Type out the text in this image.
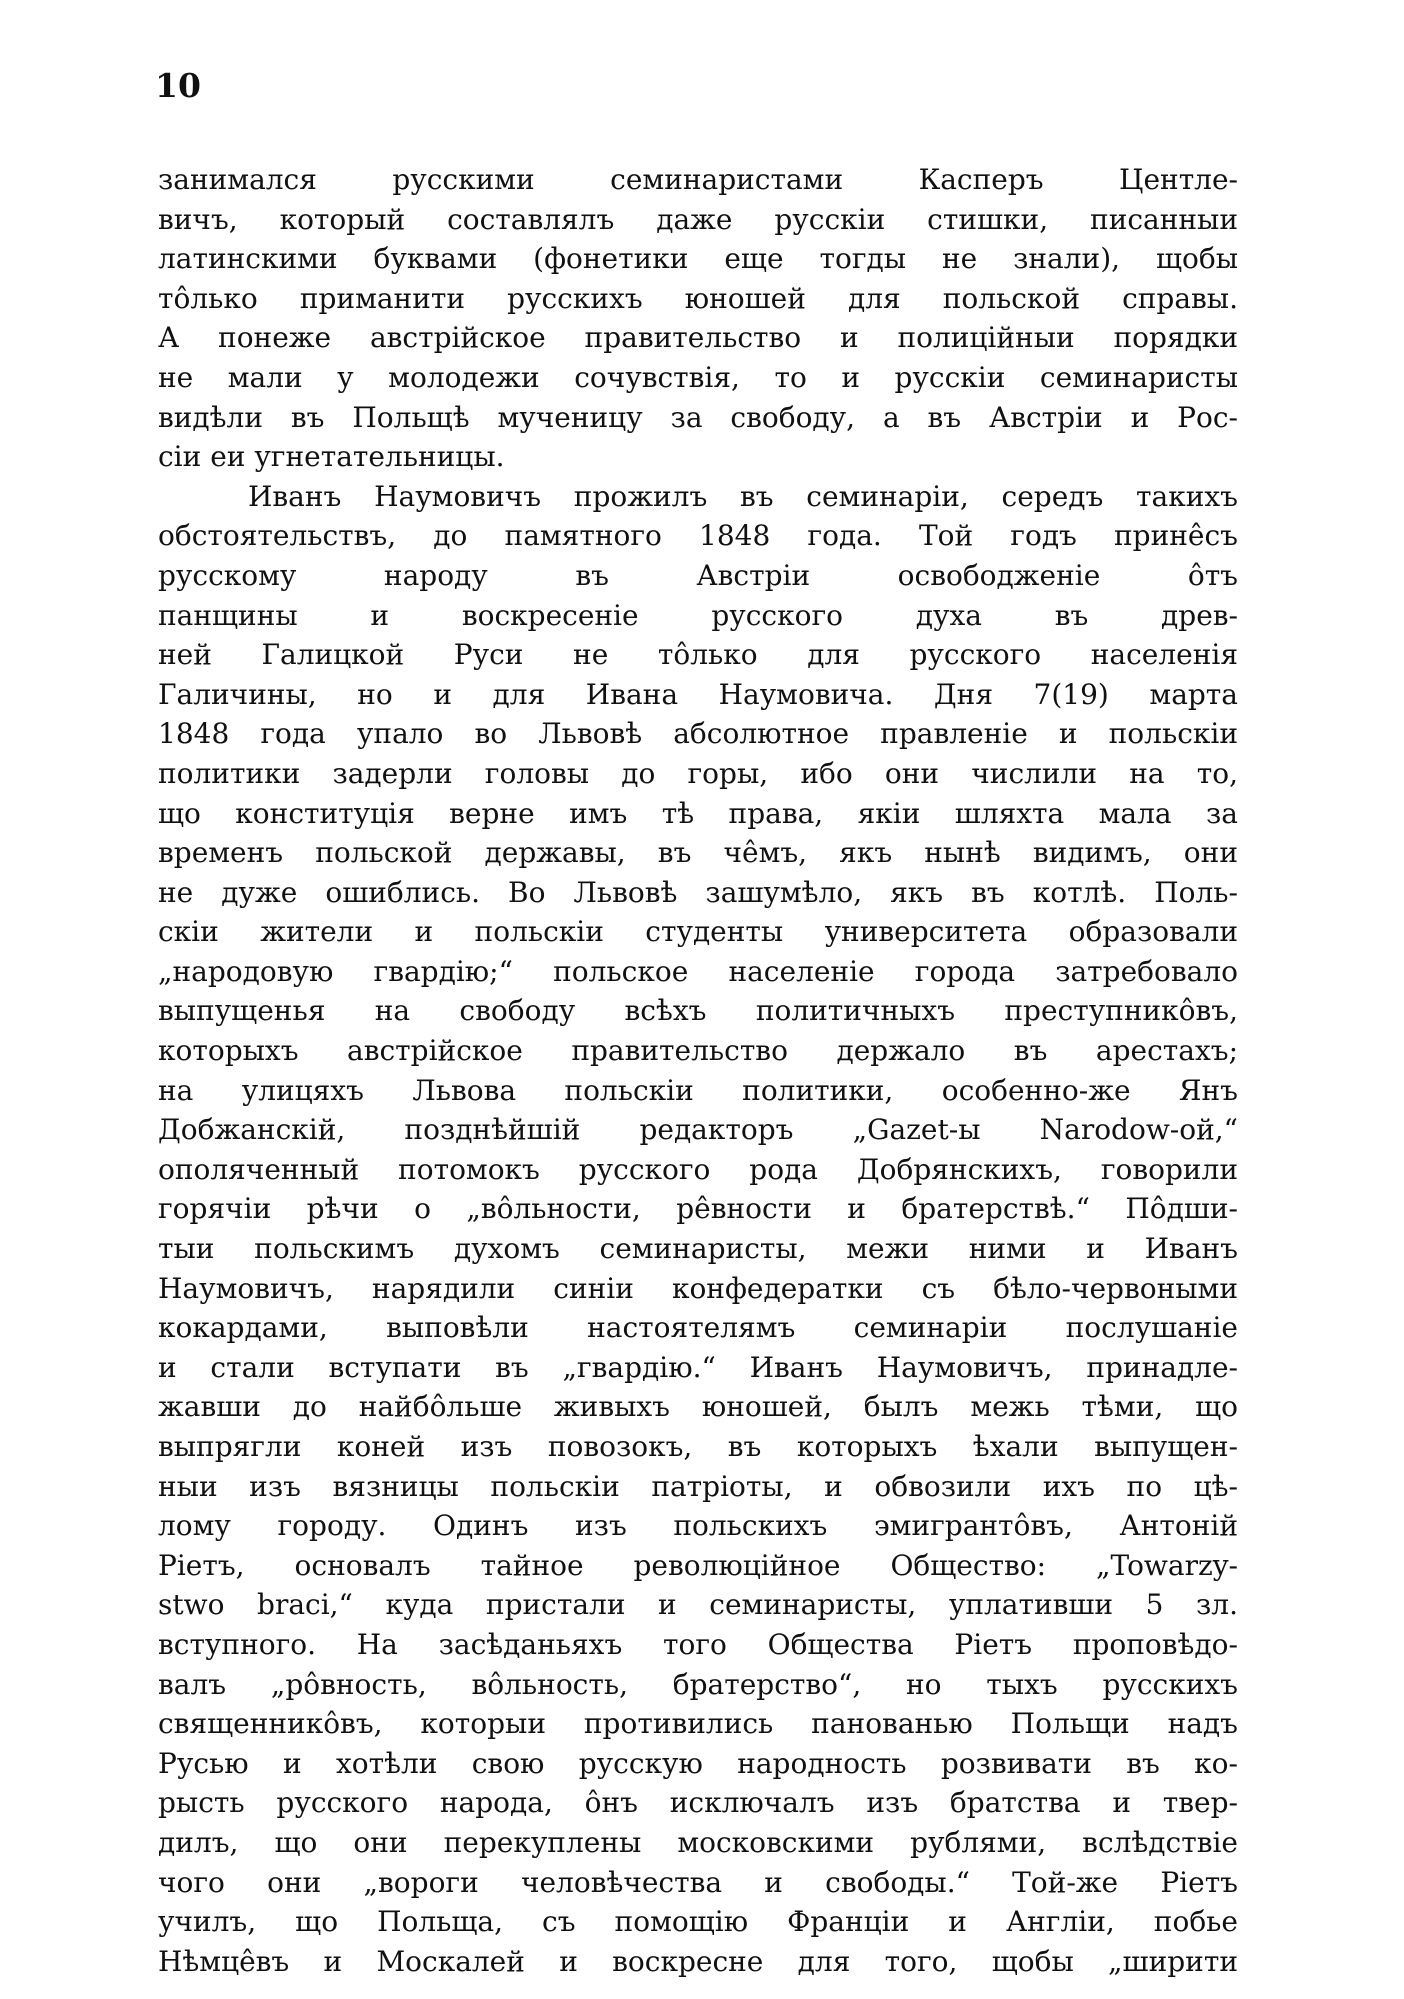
10
занимался русскими семинаристами Касперъ Центле-
вичъ, который составлялъ даже русскіи стишки, писанныи
латинскими буквами (фонетики еще тогды не знали), щобы
тôлько приманити русскихъ юношей для польской справы.
А понеже австрійское правительство и полиційныи порядки
не мали у молодежи сочувствія, то и русскіи семинаристы
видѣли въ Польщѣ мученицу за свободу, а въ Австріи и Рос-
сіи еи угнетательницы.
Иванъ Наумовичъ прожилъ въ семинаріи, середъ такихъ
обстоятельствъ, до памятного 1848 года. Той годъ принêсъ
русскому народу въ Австріи освободженіе ôтъ
панщины и воскресеніе русского духа въ древ-
ней Галицкой Руси не тôлько для русского населенія
Галичины, но и для Ивана Наумовича. Дня 7(19) марта
1848 года упало во Львовѣ абсолютное правленіе и польскіи
политики задерли головы до горы, ибо они числили на то,
що конституція верне имъ тѣ права, якіи шляхта мала за
временъ польской державы, въ чêмъ, якъ нынѣ видимъ, они
не дуже ошиблись. Во Львовѣ зашумѣло, якъ въ котлѣ. Поль-
скіи жители и польскіи студенты университета образовали
„народовую гвардію;“ польское населеніе города затребовало
выпущенья на свободу всѣхъ политичныхъ преступникôвъ,
которыхъ австрійское правительство держало въ арестахъ;
на улицяхъ Львова польскіи политики, особенно-же Янъ
Добжанскій, позднѣйшій редакторъ „Gazet-ы Narodow-ой,“
ополяченный потомокъ русского рода Добрянскихъ, говорили
горячіи рѣчи о „вôльности, рêвности и братерствѣ.“ Пôдши-
тыи польскимъ духомъ семинаристы, межи ними и Иванъ
Наумовичъ, нарядили синіи конфедератки съ бѣло-червоными
кокардами, выповѣли настоятелямъ семинаріи послушаніе
и стали вступати въ „гвардію.“ Иванъ Наумовичъ, принадле-
жавши до найбôльше живыхъ юношей, былъ межь тѣми, що
выпрягли коней изъ повозокъ, въ которыхъ ѣхали выпущен-
ныи изъ вязницы польскіи патріоты, и обвозили ихъ по цѣ-
лому городу. Одинъ изъ польскихъ эмигрантôвъ, Антоній
Ріетъ, основалъ тайное революційное Общество: „Towarzy-
stwo braci,“ куда пристали и семинаристы, уплативши 5 зл.
вступного. На засѣданьяхъ того Общества Ріетъ проповѣдо-
валъ „рôвность, вôльность, братерство“, но тыхъ русскихъ
священникôвъ, которыи противились панованью Польщи надъ
Русью и хотѣли свою русскую народность розвивати въ ко-
рысть русского народа, ôнъ исключалъ изъ братства и твер-
дилъ, що они перекуплены московскими рублями, вслѣдствіе
чого они „вороги человѣчества и свободы.“ Той-же Ріетъ
училъ, що Польща, съ помощію Франціи и Англіи, побье
Нѣмцêвъ и Москалей и воскресне для того, щобы „ширити
